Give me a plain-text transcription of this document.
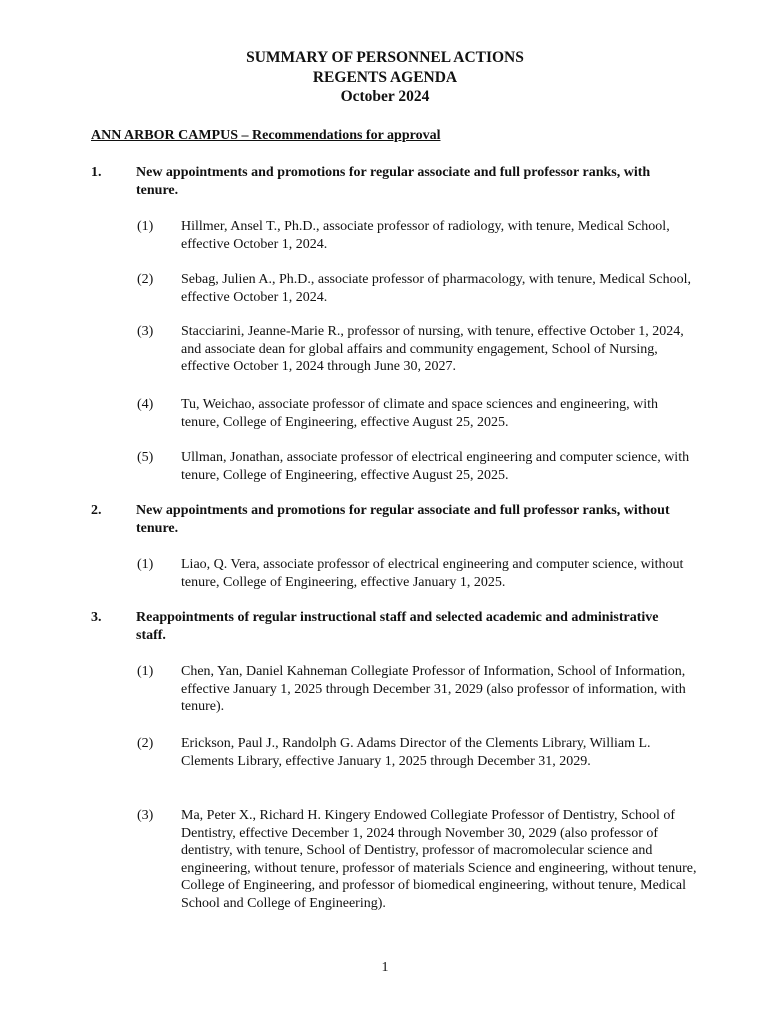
SUMMARY OF PERSONNEL ACTIONS
REGENTS AGENDA
October 2024
ANN ARBOR CAMPUS – Recommendations for approval
1. New appointments and promotions for regular associate and full professor ranks, with tenure.
(1) Hillmer, Ansel T., Ph.D., associate professor of radiology, with tenure, Medical School, effective October 1, 2024.
(2) Sebag, Julien A., Ph.D., associate professor of pharmacology, with tenure, Medical School, effective October 1, 2024.
(3) Stacciarini, Jeanne-Marie R., professor of nursing, with tenure, effective October 1, 2024, and associate dean for global affairs and community engagement, School of Nursing, effective October 1, 2024 through June 30, 2027.
(4) Tu, Weichao, associate professor of climate and space sciences and engineering, with tenure, College of Engineering, effective August 25, 2025.
(5) Ullman, Jonathan, associate professor of electrical engineering and computer science, with tenure, College of Engineering, effective August 25, 2025.
2. New appointments and promotions for regular associate and full professor ranks, without tenure.
(1) Liao, Q. Vera, associate professor of electrical engineering and computer science, without tenure, College of Engineering, effective January 1, 2025.
3. Reappointments of regular instructional staff and selected academic and administrative staff.
(1) Chen, Yan, Daniel Kahneman Collegiate Professor of Information, School of Information, effective January 1, 2025 through December 31, 2029 (also professor of information, with tenure).
(2) Erickson, Paul J., Randolph G. Adams Director of the Clements Library, William L. Clements Library, effective January 1, 2025 through December 31, 2029.
(3) Ma, Peter X., Richard H. Kingery Endowed Collegiate Professor of Dentistry, School of Dentistry, effective December 1, 2024 through November 30, 2029 (also professor of dentistry, with tenure, School of Dentistry, professor of macromolecular science and engineering, without tenure, professor of materials Science and engineering, without tenure, College of Engineering, and professor of biomedical engineering, without tenure, Medical School and College of Engineering).
1
